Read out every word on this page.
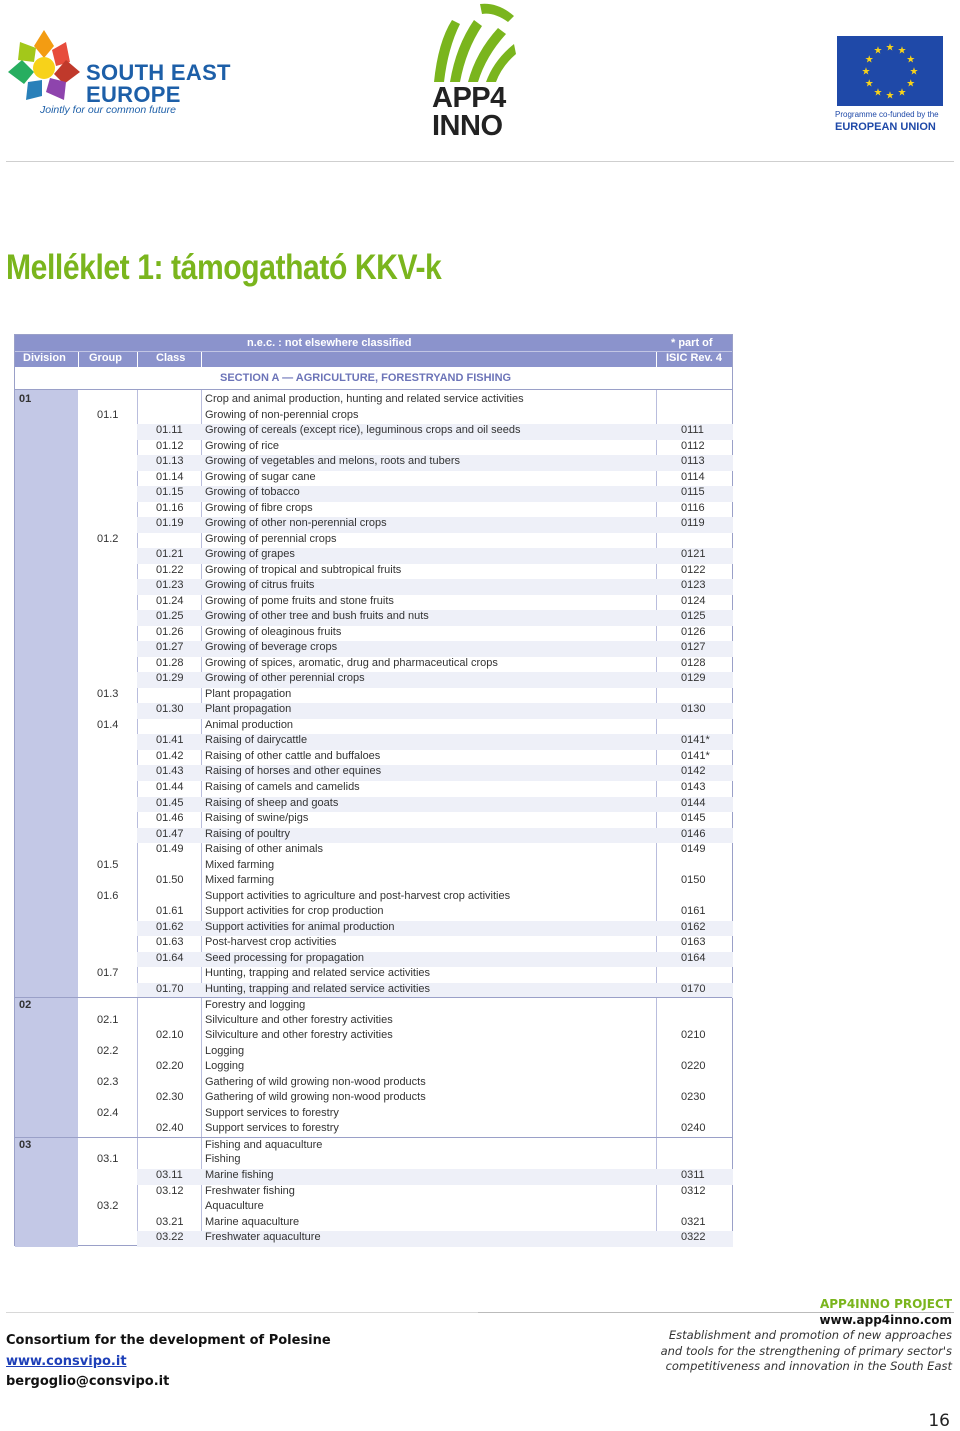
SOUTH EAST
EUROPE
Jointly for our common future	APP4
INNO
★
★
★
★
★
★
★
★
★ ★ ★
★
Programme co-funded by the
EUROPEAN UNION
Melléklet 1: támogatható KKV-k
n.e.c. : not elsewhere classified	* part of
ISIC Rev. 4
Division Group	Class
SECTION A — AGRICULTURE, FORESTRYAND FISHING
01	Crop and animal production, hunting and related service activities
01.1	Growing of non-perennial crops
01.11 Growing of cereals (except rice), leguminous crops and oil seeds	0111
01.12 Growing of rice	0112
01.13 Growing of vegetables and melons, roots and tubers	0113
01.14 Growing of sugar cane	0114
01.15 Growing of tobacco	0115
01.16 Growing of fibre crops	0116
01.19 Growing of other non-perennial crops	0119
01.2	Growing of perennial crops
01.21 Growing of grapes	0121
01.22 Growing of tropical and subtropical fruits	0122
01.23 Growing of citrus fruits	0123
01.24 Growing of pome fruits and stone fruits	0124
01.25 Growing of other tree and bush fruits and nuts	0125
01.26 Growing of oleaginous fruits	0126
01.27 Growing of beverage crops	0127
01.28 Growing of spices, aromatic, drug and pharmaceutical crops	0128
01.29 Growing of other perennial crops	0129
01.3	Plant propagation
01.30 Plant propagation	0130
01.4	Animal production
01.41 Raising of dairycattle	0141*
01.42 Raising of other cattle and buffaloes	0141*
01.43 Raising of horses and other equines	0142
01.44 Raising of camels and camelids	0143
01.45 Raising of sheep and goats	0144
01.46 Raising of swine/pigs	0145
01.47 Raising of poultry	0146
01.49 Raising of other animals	0149
01.5	Mixed farming
01.50 Mixed farming	0150
01.6	Support activities to agriculture and post-harvest crop activities
01.61 Support activities for crop production	0161
01.62 Support activities for animal production	0162
01.63 Post-harvest crop activities	0163
01.64 Seed processing for propagation	0164
01.7	Hunting, trapping and related service activities
01.70 Hunting, trapping and related service activities	0170
02	Forestry and logging
02.1	Silviculture and other forestry activities
02.10 Silviculture and other forestry activities	0210
02.2	Logging
02.20 Logging	0220
02.3	Gathering of wild growing non-wood products
02.30 Gathering of wild growing non-wood products	0230
02.4	Support services to forestry
02.40 Support services to forestry	0240
03	Fishing and aquaculture
03.1	Fishing
03.11 Marine fishing	0311
03.12 Freshwater fishing	0312
03.2	Aquaculture
03.21 Marine aquaculture	0321
03.22 Freshwater aquaculture	0322
Consortium for the development of Polesine
www.consvipo.it
bergoglio@consvipo.it
APP4INNO PROJECT
www.app4inno.com
Establishment and promotion of new approaches
and tools for the strengthening of primary sector's
competitiveness and innovation in the South East
16
